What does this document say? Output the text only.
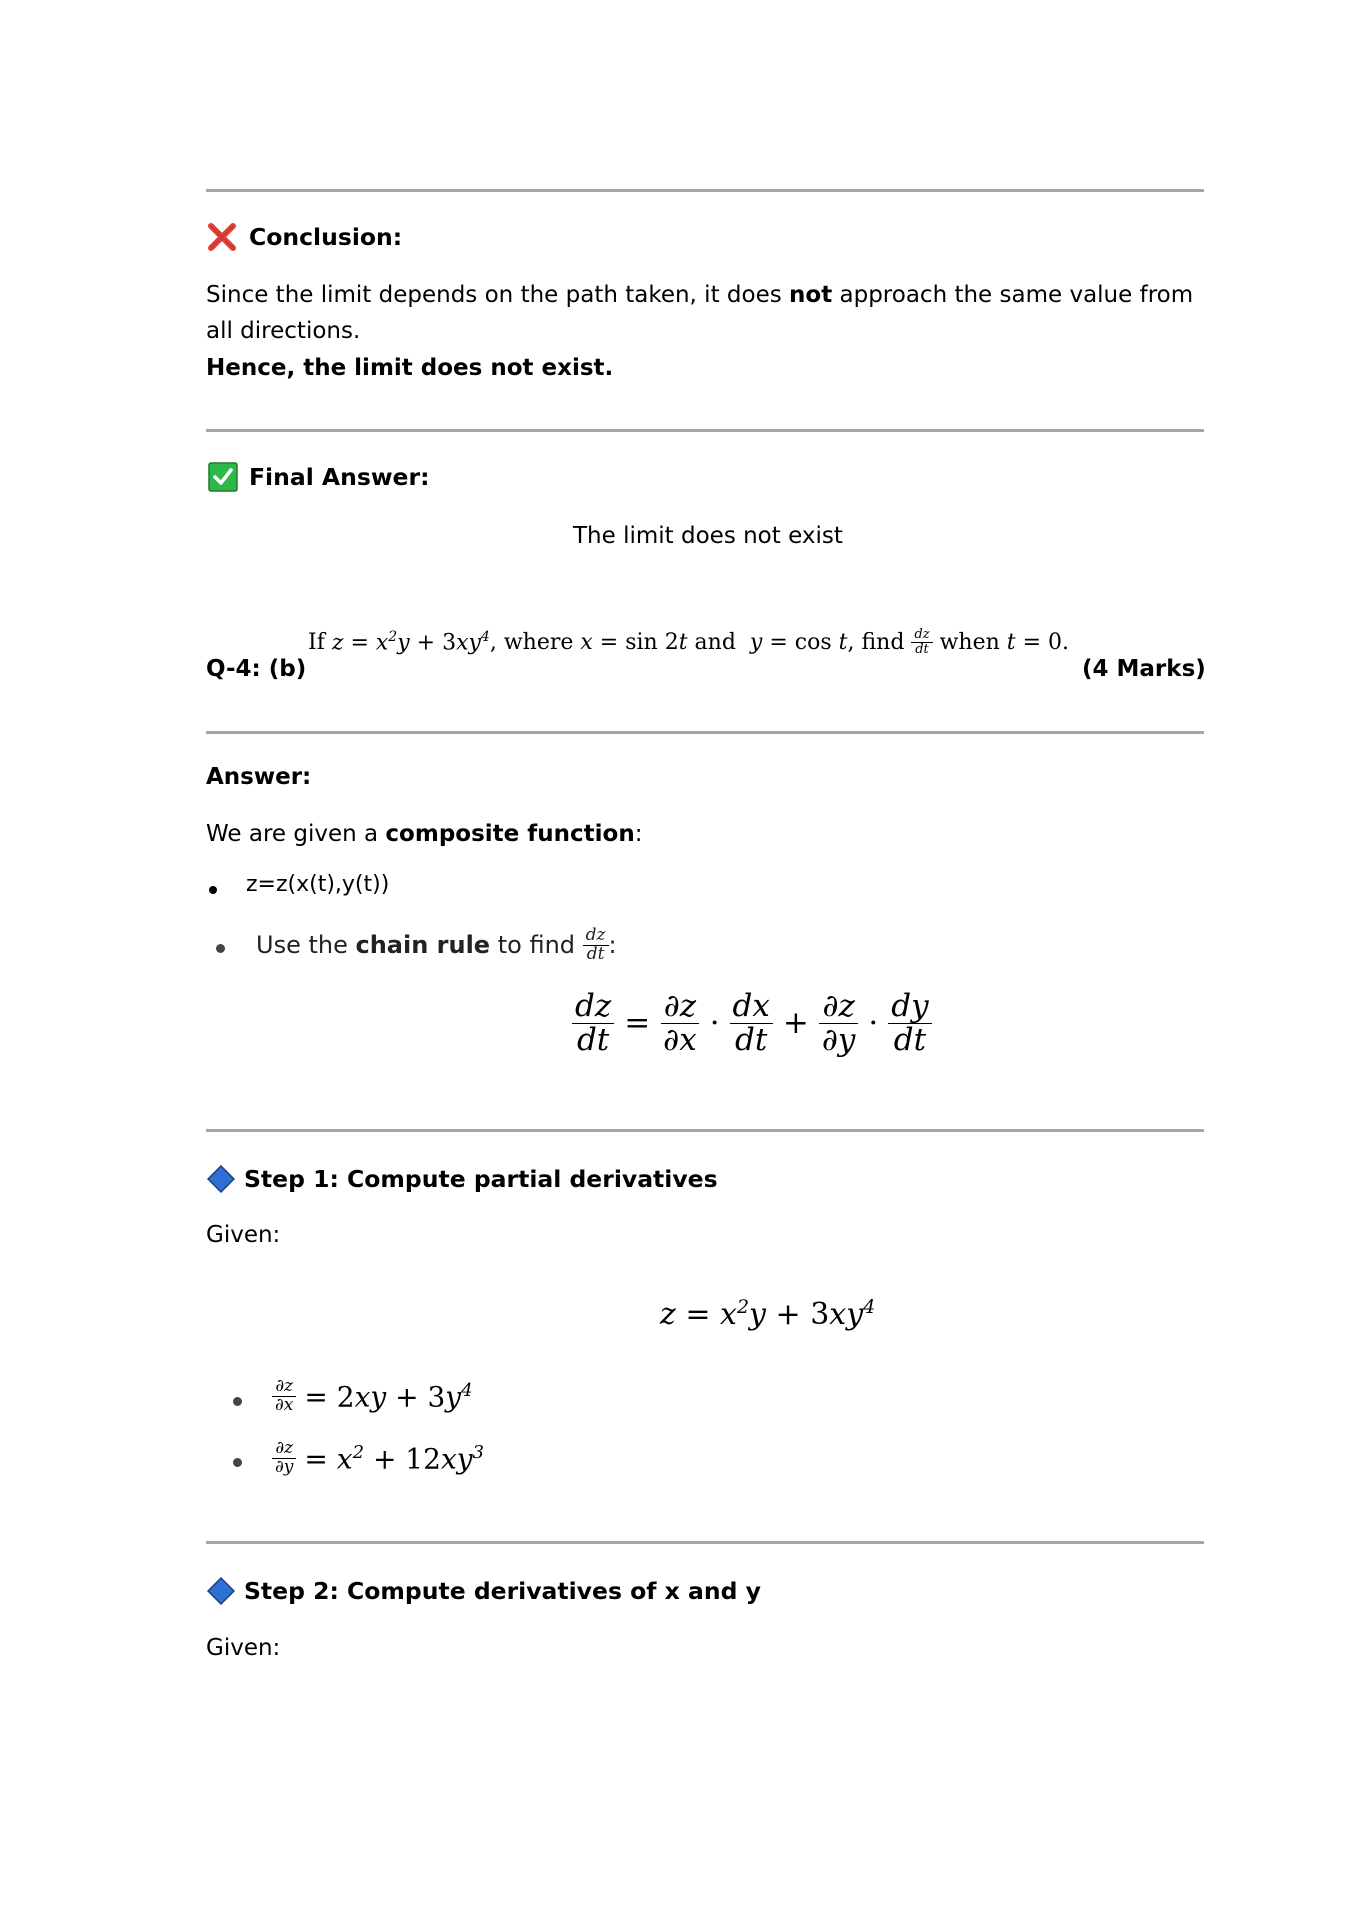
Conclusion:
Since the limit depends on the path taken, it does not approach the same value from all directions.
Hence, the limit does not exist.
Final Answer:
The limit does not exist
Q-4: (b)
If
$z = x^2y + 3xy^4$ , where
x = sin 2t
and
y = cos t , find
$\frac{dz}{dt}$
when
t = 0.
(4 Marks)
Answer:
We are given a composite function:
z=z(x(t),y(t))
Use the chain rule to find
$\frac{dz}{dt}$ :
$\frac{dz}{dt} = \frac{\partial z}{\partial x} \cdot \frac{dx}{dt} + \frac{\partial z}{\partial y} \cdot \frac{dy}{dt}$
Step 1: Compute partial derivatives
Given:
$z = x^2y + 3xy^4$
$\frac{\partial z}{\partial x} = 2xy + 3y^4$
$\frac{\partial z}{\partial y} = x^2 + 12xy^3$
Step 2: Compute derivatives of x and y
Given:
